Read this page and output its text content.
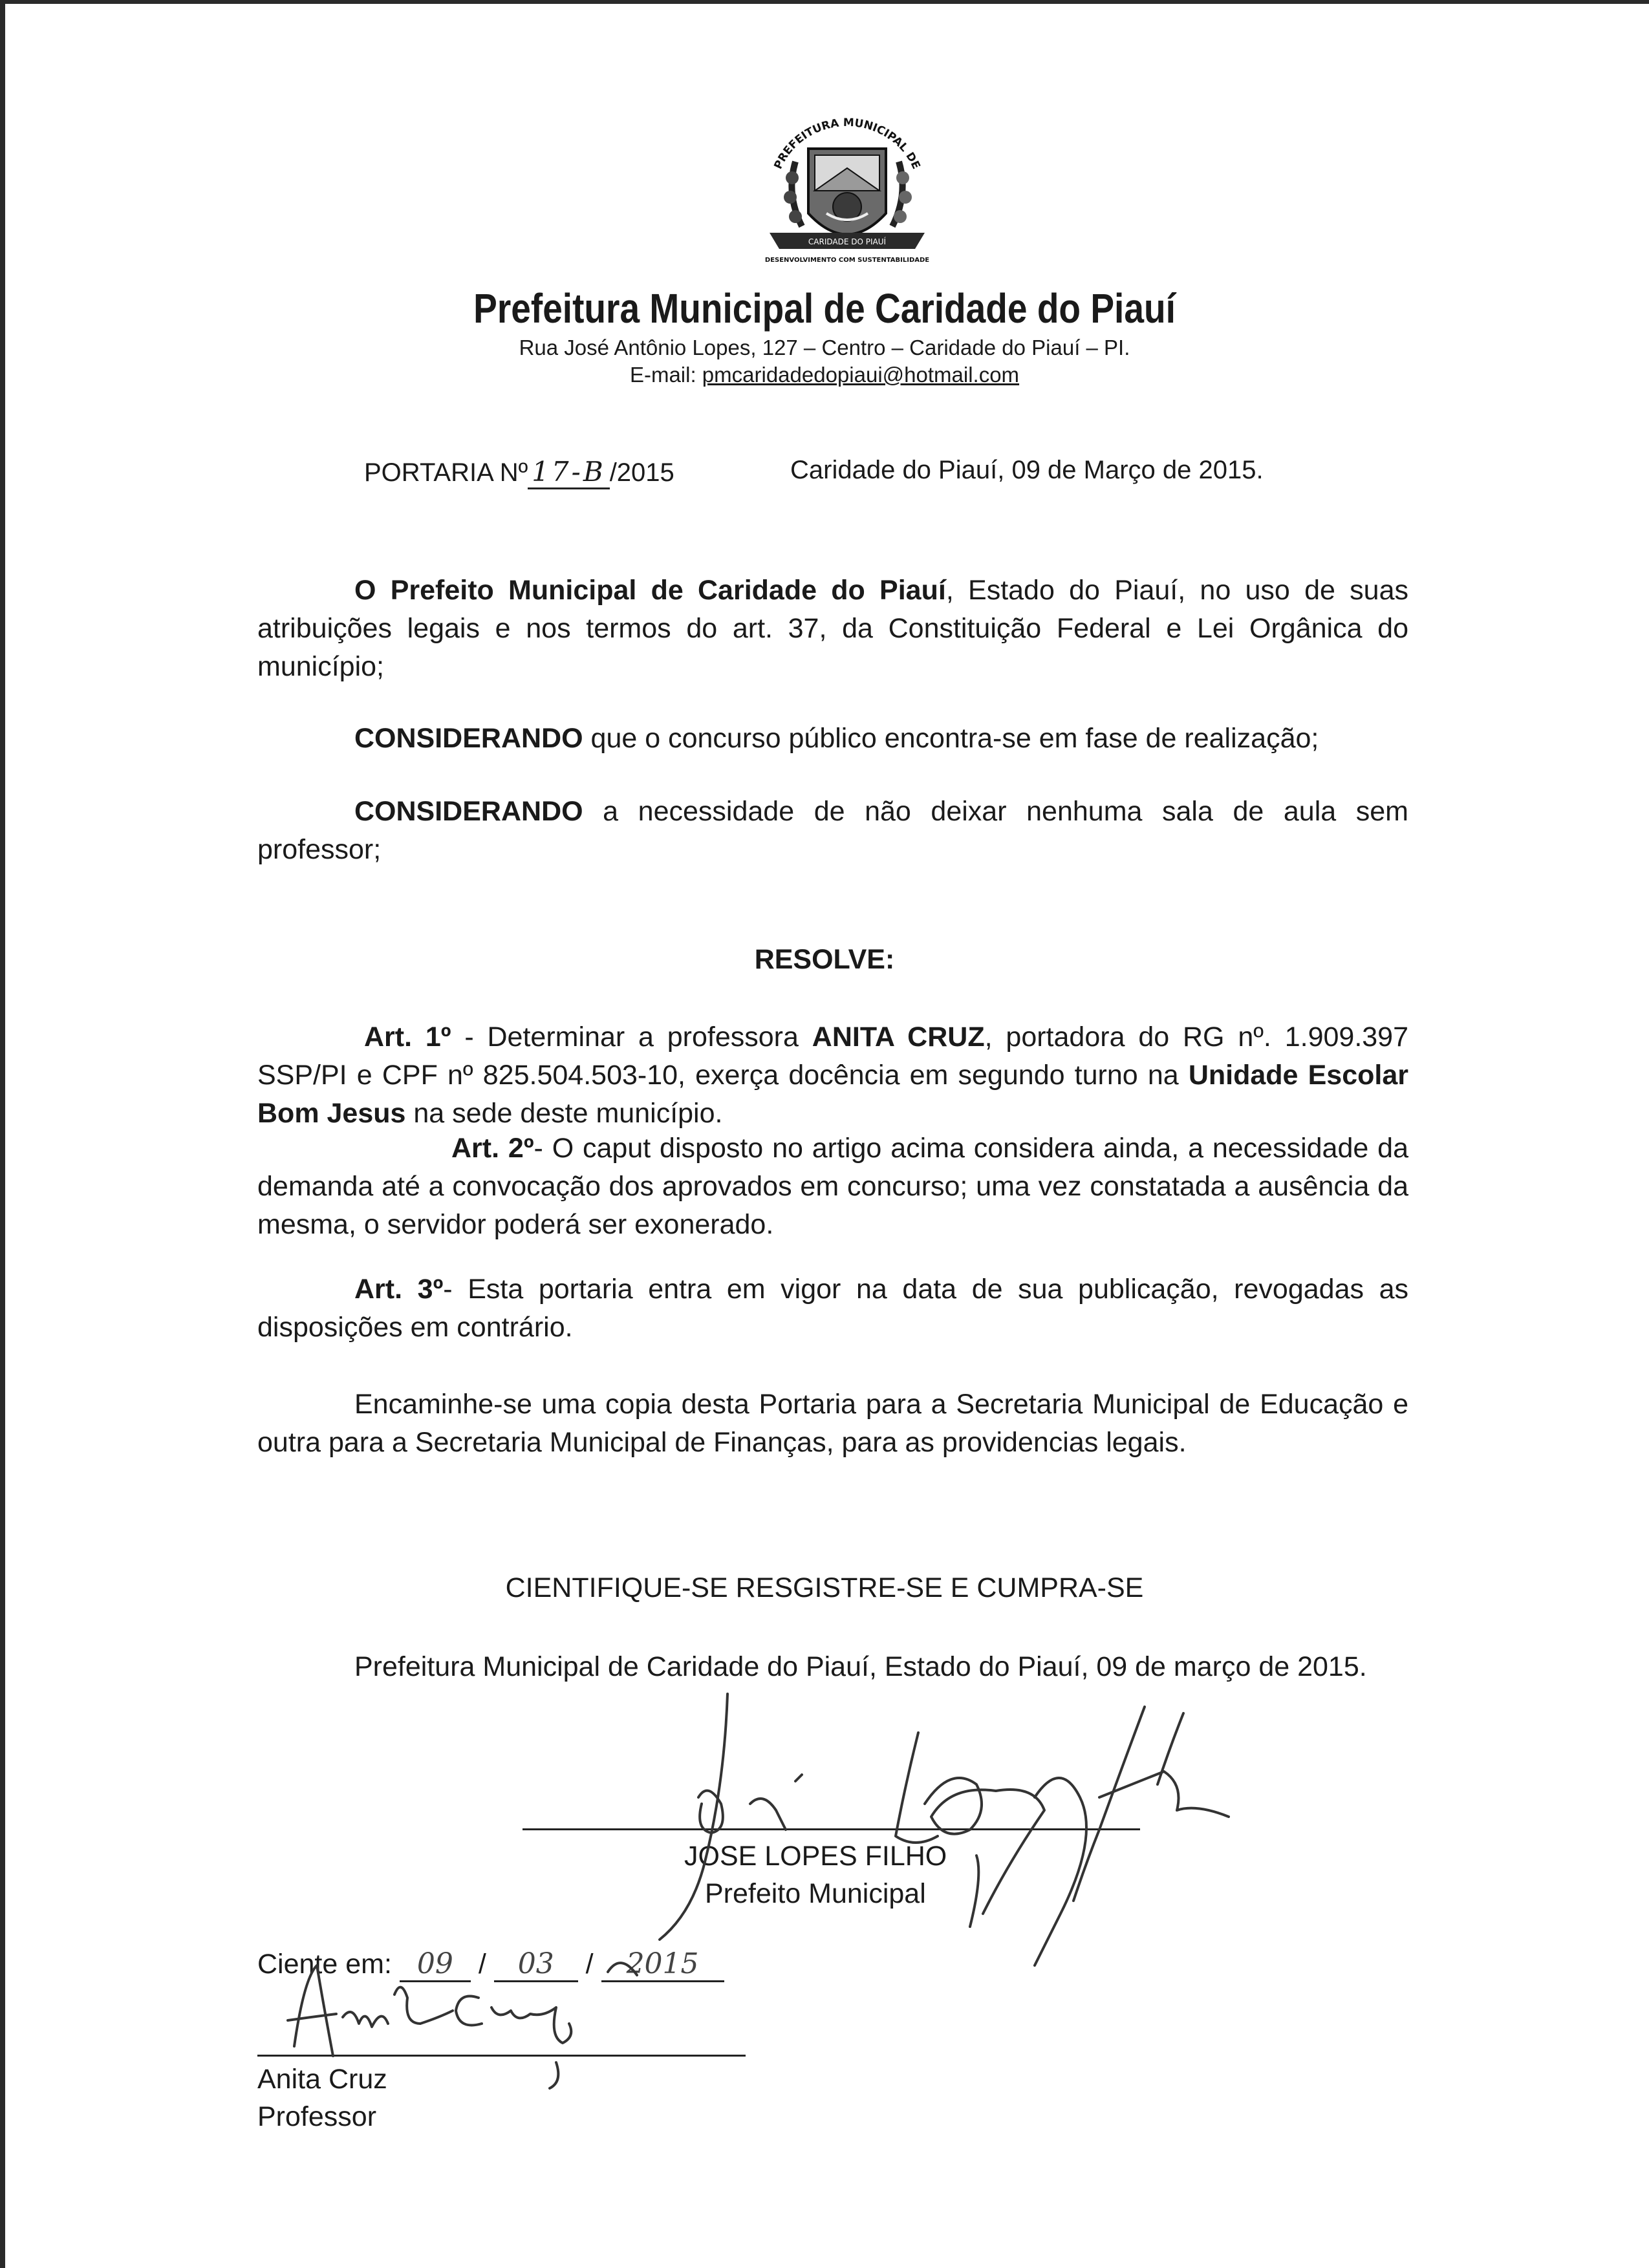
PREFEITURA MUNICIPAL DE
CARIDADE DO PIAUÍ
DESENVOLVIMENTO COM SUSTENTABILIDADE
Prefeitura Municipal de Caridade do Piauí
Rua José Antônio Lopes, 127 – Centro – Caridade do Piauí – PI.
E-mail: pmcaridadedopiaui@hotmail.com
PORTARIA Nº 17-B /2015	Caridade do Piauí, 09 de Março de 2015.
O Prefeito Municipal de Caridade do Piauí, Estado do Piauí, no uso de suas atribuições legais e nos termos do art. 37, da Constituição Federal e Lei Orgânica do município;
CONSIDERANDO que o concurso público encontra-se em fase de realização;
CONSIDERANDO a necessidade de não deixar nenhuma sala de aula sem professor;
RESOLVE:
Art. 1º - Determinar a professora ANITA CRUZ, portadora do RG nº. 1.909.397 SSP/PI e CPF nº 825.504.503-10, exerça docência em segundo turno na Unidade Escolar Bom Jesus na sede deste município.
Art. 2º- O caput disposto no artigo acima considera ainda, a necessidade da demanda até a convocação dos aprovados em concurso; uma vez constatada a ausência da mesma, o servidor poderá ser exonerado.
Art. 3º- Esta portaria entra em vigor na data de sua publicação, revogadas as disposições em contrário.
Encaminhe-se uma copia desta Portaria para a Secretaria Municipal de Educação e outra para a Secretaria Municipal de Finanças, para as providencias legais.
CIENTIFIQUE-SE RESGISTRE-SE E CUMPRA-SE
Prefeitura Municipal de Caridade do Piauí, Estado do Piauí, 09 de março de 2015.
JOSE LOPES FILHO
Prefeito Municipal
Ciente em: 09 / 03 / 2015
Anita Cruz
Professor
